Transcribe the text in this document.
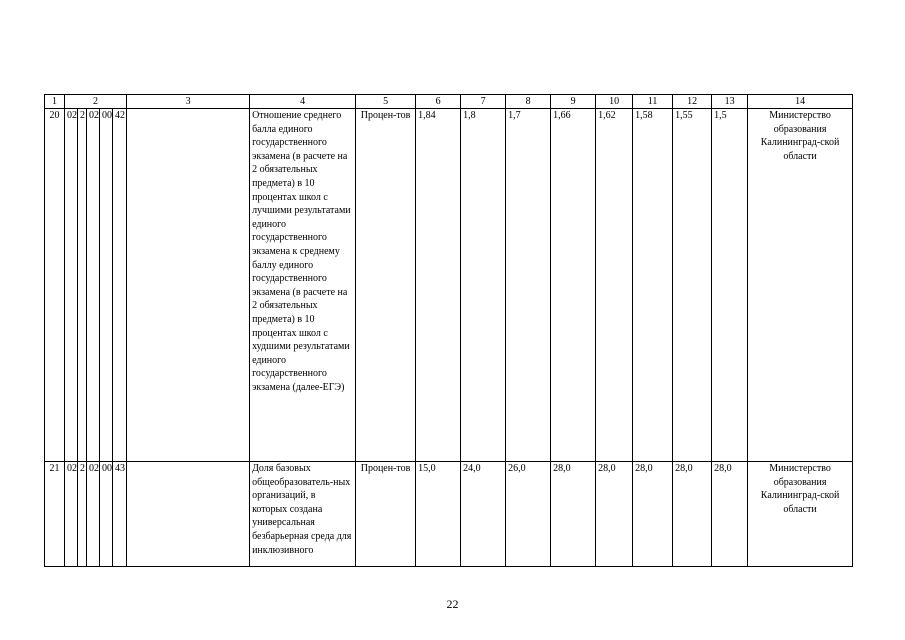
1	2					3	4	5	6	7	8	9	10	11	12	13	14
20	02	2	02	00	42		Отношение среднего балла единого государственного экзамена (в расчете на 2 обязательных предмета) в 10 процентах школ с лучшими результатами единого государственного экзамена к среднему баллу единого государственного экзамена (в расчете на 2 обязательных предмета) в 10 процентах школ с худшими результатами единого государственного экзамена (далее-ЕГЭ)	Процен-тов	1,84	1,8	1,7	1,66	1,62	1,58	1,55	1,5	Министерство образования Калининград-ской области
21	02	2	02	00	43		Доля базовых общеобразователь-ных организаций, в которых создана универсальная безбарьерная среда для инклюзивного	Процен-тов	15,0	24,0	26,0	28,0	28,0	28,0	28,0	28,0	Министерство образования Калининград-ской области
22
